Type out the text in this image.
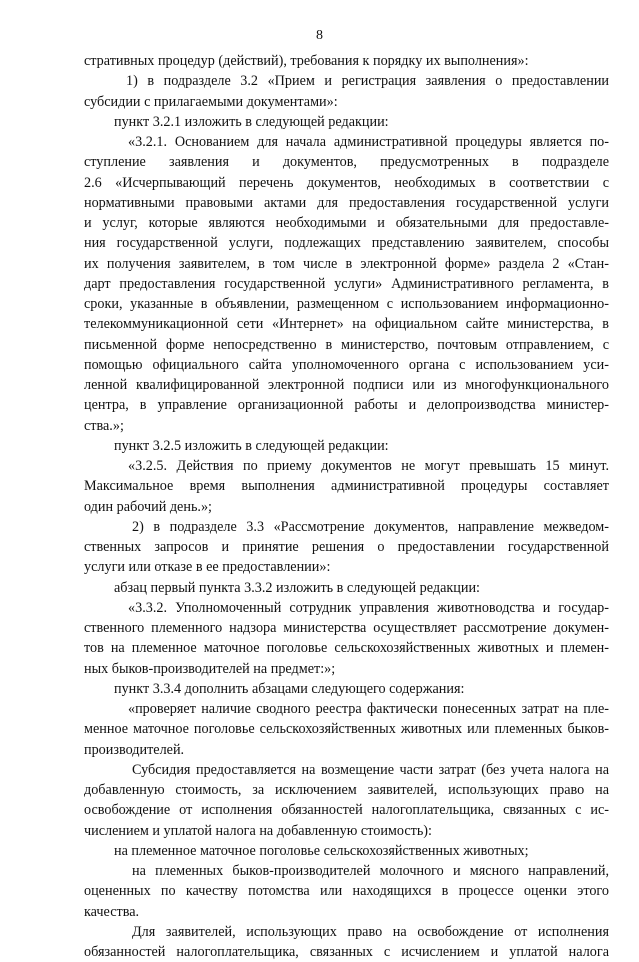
8
стративных процедур (действий), требования к порядку их выполнения»:
1) в подразделе 3.2 «Прием и регистрация заявления о предоставлении
субсидии с прилагаемыми документами»:
пункт 3.2.1 изложить в следующей редакции:
«3.2.1. Основанием для начала административной процедуры является по-
ступление заявления и документов, предусмотренных в подразделе
2.6 «Исчерпывающий перечень документов, необходимых в соответствии с
нормативными правовыми актами для предоставления государственной услуги
и услуг, которые являются необходимыми и обязательными для предоставле-
ния государственной услуги, подлежащих представлению заявителем, способы
их получения заявителем, в том числе в электронной форме» раздела 2 «Стан-
дарт предоставления государственной услуги» Административного регламента, в
сроки, указанные в объявлении, размещенном с использованием информационно-
телекоммуникационной сети «Интернет» на официальном сайте министерства, в
письменной форме непосредственно в министерство, почтовым отправлением, с
помощью официального сайта уполномоченного органа с использованием уси-
ленной квалифицированной электронной подписи или из многофункционального
центра, в управление организационной работы и делопроизводства министер-
ства.»;
пункт 3.2.5 изложить в следующей редакции:
«3.2.5. Действия по приему документов не могут превышать 15 минут.
Максимальное время выполнения административной процедуры составляет
один рабочий день.»;
2) в подразделе 3.3 «Рассмотрение документов, направление межведом-
ственных запросов и принятие решения о предоставлении государственной
услуги или отказе в ее предоставлении»:
абзац первый пункта 3.3.2 изложить в следующей редакции:
«3.3.2. Уполномоченный сотрудник управления животноводства и государ-
ственного племенного надзора министерства осуществляет рассмотрение докумен-
тов на племенное маточное поголовье сельскохозяйственных животных и племен-
ных быков-производителей на предмет:»;
пункт 3.3.4 дополнить абзацами следующего содержания:
«проверяет наличие сводного реестра фактически понесенных затрат на пле-
менное маточное поголовье сельскохозяйственных животных или племенных быков-
производителей.
Субсидия предоставляется на возмещение части затрат (без учета налога на
добавленную стоимость, за исключением заявителей, использующих право на
освобождение от исполнения обязанностей налогоплательщика, связанных с ис-
числением и уплатой налога на добавленную стоимость):
на племенное маточное поголовье сельскохозяйственных животных;
на племенных быков-производителей молочного и мясного направлений,
оцененных по качеству потомства или находящихся в процессе оценки этого
качества.
Для заявителей, использующих право на освобождение от исполнения
обязанностей налогоплательщика, связанных с исчислением и уплатой налога
